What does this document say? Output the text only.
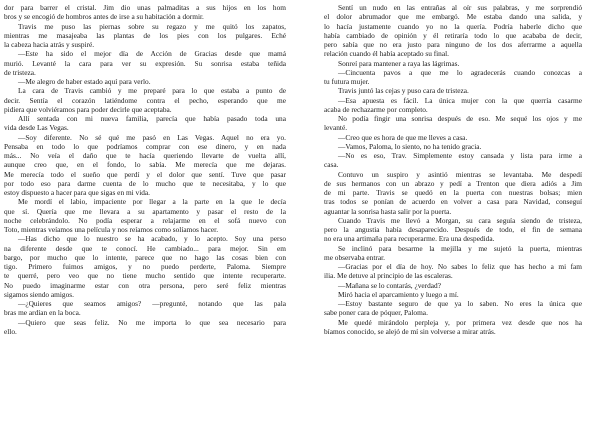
dor para barrer el cristal. Jim dio unas palmaditas a sus hijos en los hom

bros y se encogió de hombros antes de irse a su habitación a dormir.

Travis me puso las piernas sobre su regazo y me quitó los zapatos,

mientras me masajeaba las plantas de los pies con los pulgares. Eché

la cabeza hacia atrás y suspiré.

—Este ha sido el mejor día de Acción de Gracias desde que mamá

murió. Levanté la cara para ver su expresión. Su sonrisa estaba teñida

de tristeza.

—Me alegro de haber estado aquí para verlo.

La cara de Travis cambió y me preparé para lo que estaba a punto de

decir. Sentía el corazón latiéndome contra el pecho, esperando que me

pidiera que volviéramos para poder decirle que aceptaba.

Allí sentada con mi nueva familia, parecía que había pasado toda una

vida desde Las Vegas.

—Soy diferente. No sé qué me pasó en Las Vegas. Aquel no era yo.

Pensaba en todo lo que podríamos comprar con ese dinero, y en nada

más... No veía el daño que te hacía queriendo llevarte de vuelta allí,

aunque creo que, en el fondo, lo sabía. Me merecía que me dejaras.

Me merecía todo el sueño que perdí y el dolor que sentí. Tuve que pasar

por todo eso para darme cuenta de lo mucho que te necesitaba, y lo que

estoy dispuesto a hacer para que sigas en mi vida.

Me mordí el labio, impaciente por llegar a la parte en la que le decía

que sí. Quería que me llevara a su apartamento y pasar el resto de la

noche celebrándolo. No podía esperar a relajarme en el sofá nuevo con

Toto, mientras veíamos una película y nos reíamos como solíamos hacer.

—Has dicho que lo nuestro se ha acabado, y lo acepto. Soy una perso

na diferente desde que te conocí. He cambiado... para mejor. Sin em

bargo, por mucho que lo intente, parece que no hago las cosas bien con

tigo. Primero fuimos amigos, y no puedo perderte, Paloma. Siempre

te querré, pero veo que no tiene mucho sentido que intente recuperarte.

No puedo imaginarme estar con otra persona, pero seré feliz mientras

sigamos siendo amigos.

—¿Quieres que seamos amigos? —pregunté, notando que las pala

bras me ardían en la boca.

—Quiero que seas feliz. No me importa lo que sea necesario para

ello.

Sentí un nudo en las entrañas al oír sus palabras, y me sorprendió

el dolor abrumador que me embargó. Me estaba dando una salida, y

lo hacía justamente cuando yo no la quería. Podría haberle dicho que

había cambiado de opinión y él retiraría todo lo que acababa de decir,

pero sabía que no era justo para ninguno de los dos aferrarme a aquella

relación cuando él había aceptado su final.

Sonreí para mantener a raya las lágrimas.

—Cincuenta pavos a que me lo agradecerás cuando conozcas a

tu futura mujer.

Travis juntó las cejas y puso cara de tristeza.

—Esa apuesta es fácil. La única mujer con la que querría casarme

acaba de rechazarme por completo.

No podía fingir una sonrisa después de eso. Me sequé los ojos y me

levanté.

—Creo que es hora de que me lleves a casa.

—Vamos, Paloma, lo siento, no ha tenido gracia.

—No es eso, Trav. Simplemente estoy cansada y lista para irme a

casa.

Contuvo un suspiro y asintió mientras se levantaba. Me despedí

de sus hermanos con un abrazo y pedí a Trenton que diera adiós a Jim

de mi parte. Travis se quedó en la puerta con nuestras bolsas; mien

tras todos se ponían de acuerdo en volver a casa para Navidad, conseguí

aguantar la sonrisa hasta salir por la puerta.

Cuando Travis me llevó a Morgan, su cara seguía siendo de tristeza,

pero la angustia había desaparecido. Después de todo, el fin de semana

no era una artimaña para recuperarme. Era una despedida.

Se inclinó para besarme la mejilla y me sujetó la puerta, mientras

me observaba entrar.

—Gracias por el día de hoy. No sabes lo feliz que has hecho a mi fam

ilia. Me detuve al principio de las escaleras.

—Mañana se lo contarás, ¿verdad?

Miró hacia el aparcamiento y luego a mí.

—Estoy bastante seguro de que ya lo saben. No eres la única que

sabe poner cara de póquer, Paloma.

Me quedé mirándolo perpleja y, por primera vez desde que nos ha

bíamos conocido, se alejó de mí sin volverse a mirar atrás.
